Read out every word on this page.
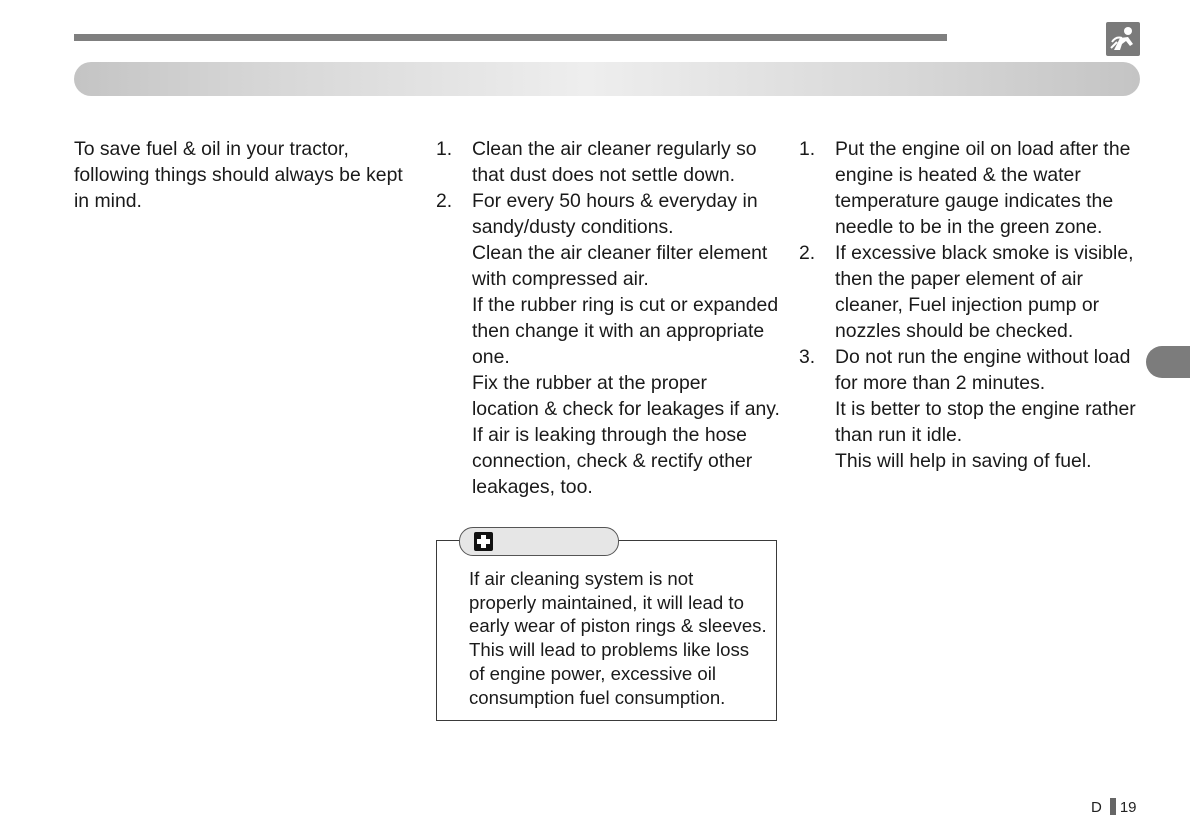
To save fuel & oil in your tractor,
following things should always be kept
in mind.
1. Clean the air cleaner regularly so
that dust does not settle down.
2. For every 50 hours & everyday in
sandy/dusty conditions.
Clean the air cleaner filter element
with compressed air.
If the rubber ring is cut or expanded
then change it with an appropriate
one.
Fix the rubber at the proper
location & check for leakages if any.
If air is leaking through the hose
connection, check & rectify other
leakages, too.
1. Put the engine oil on load after the
engine is heated & the water
temperature gauge indicates the
needle to be in the green zone.
2. If excessive black smoke is visible,
then the paper element of air
cleaner, Fuel injection pump or
nozzles should be checked.
3. Do not run the engine without load
for more than 2 minutes.
It is better to stop the engine rather
than run it idle.
This will help in saving of fuel.
If air cleaning system is not
properly maintained, it will lead to
early wear of piston rings & sleeves.
This will lead to problems like loss
of engine power, excessive oil
consumption fuel consumption.
D 19
